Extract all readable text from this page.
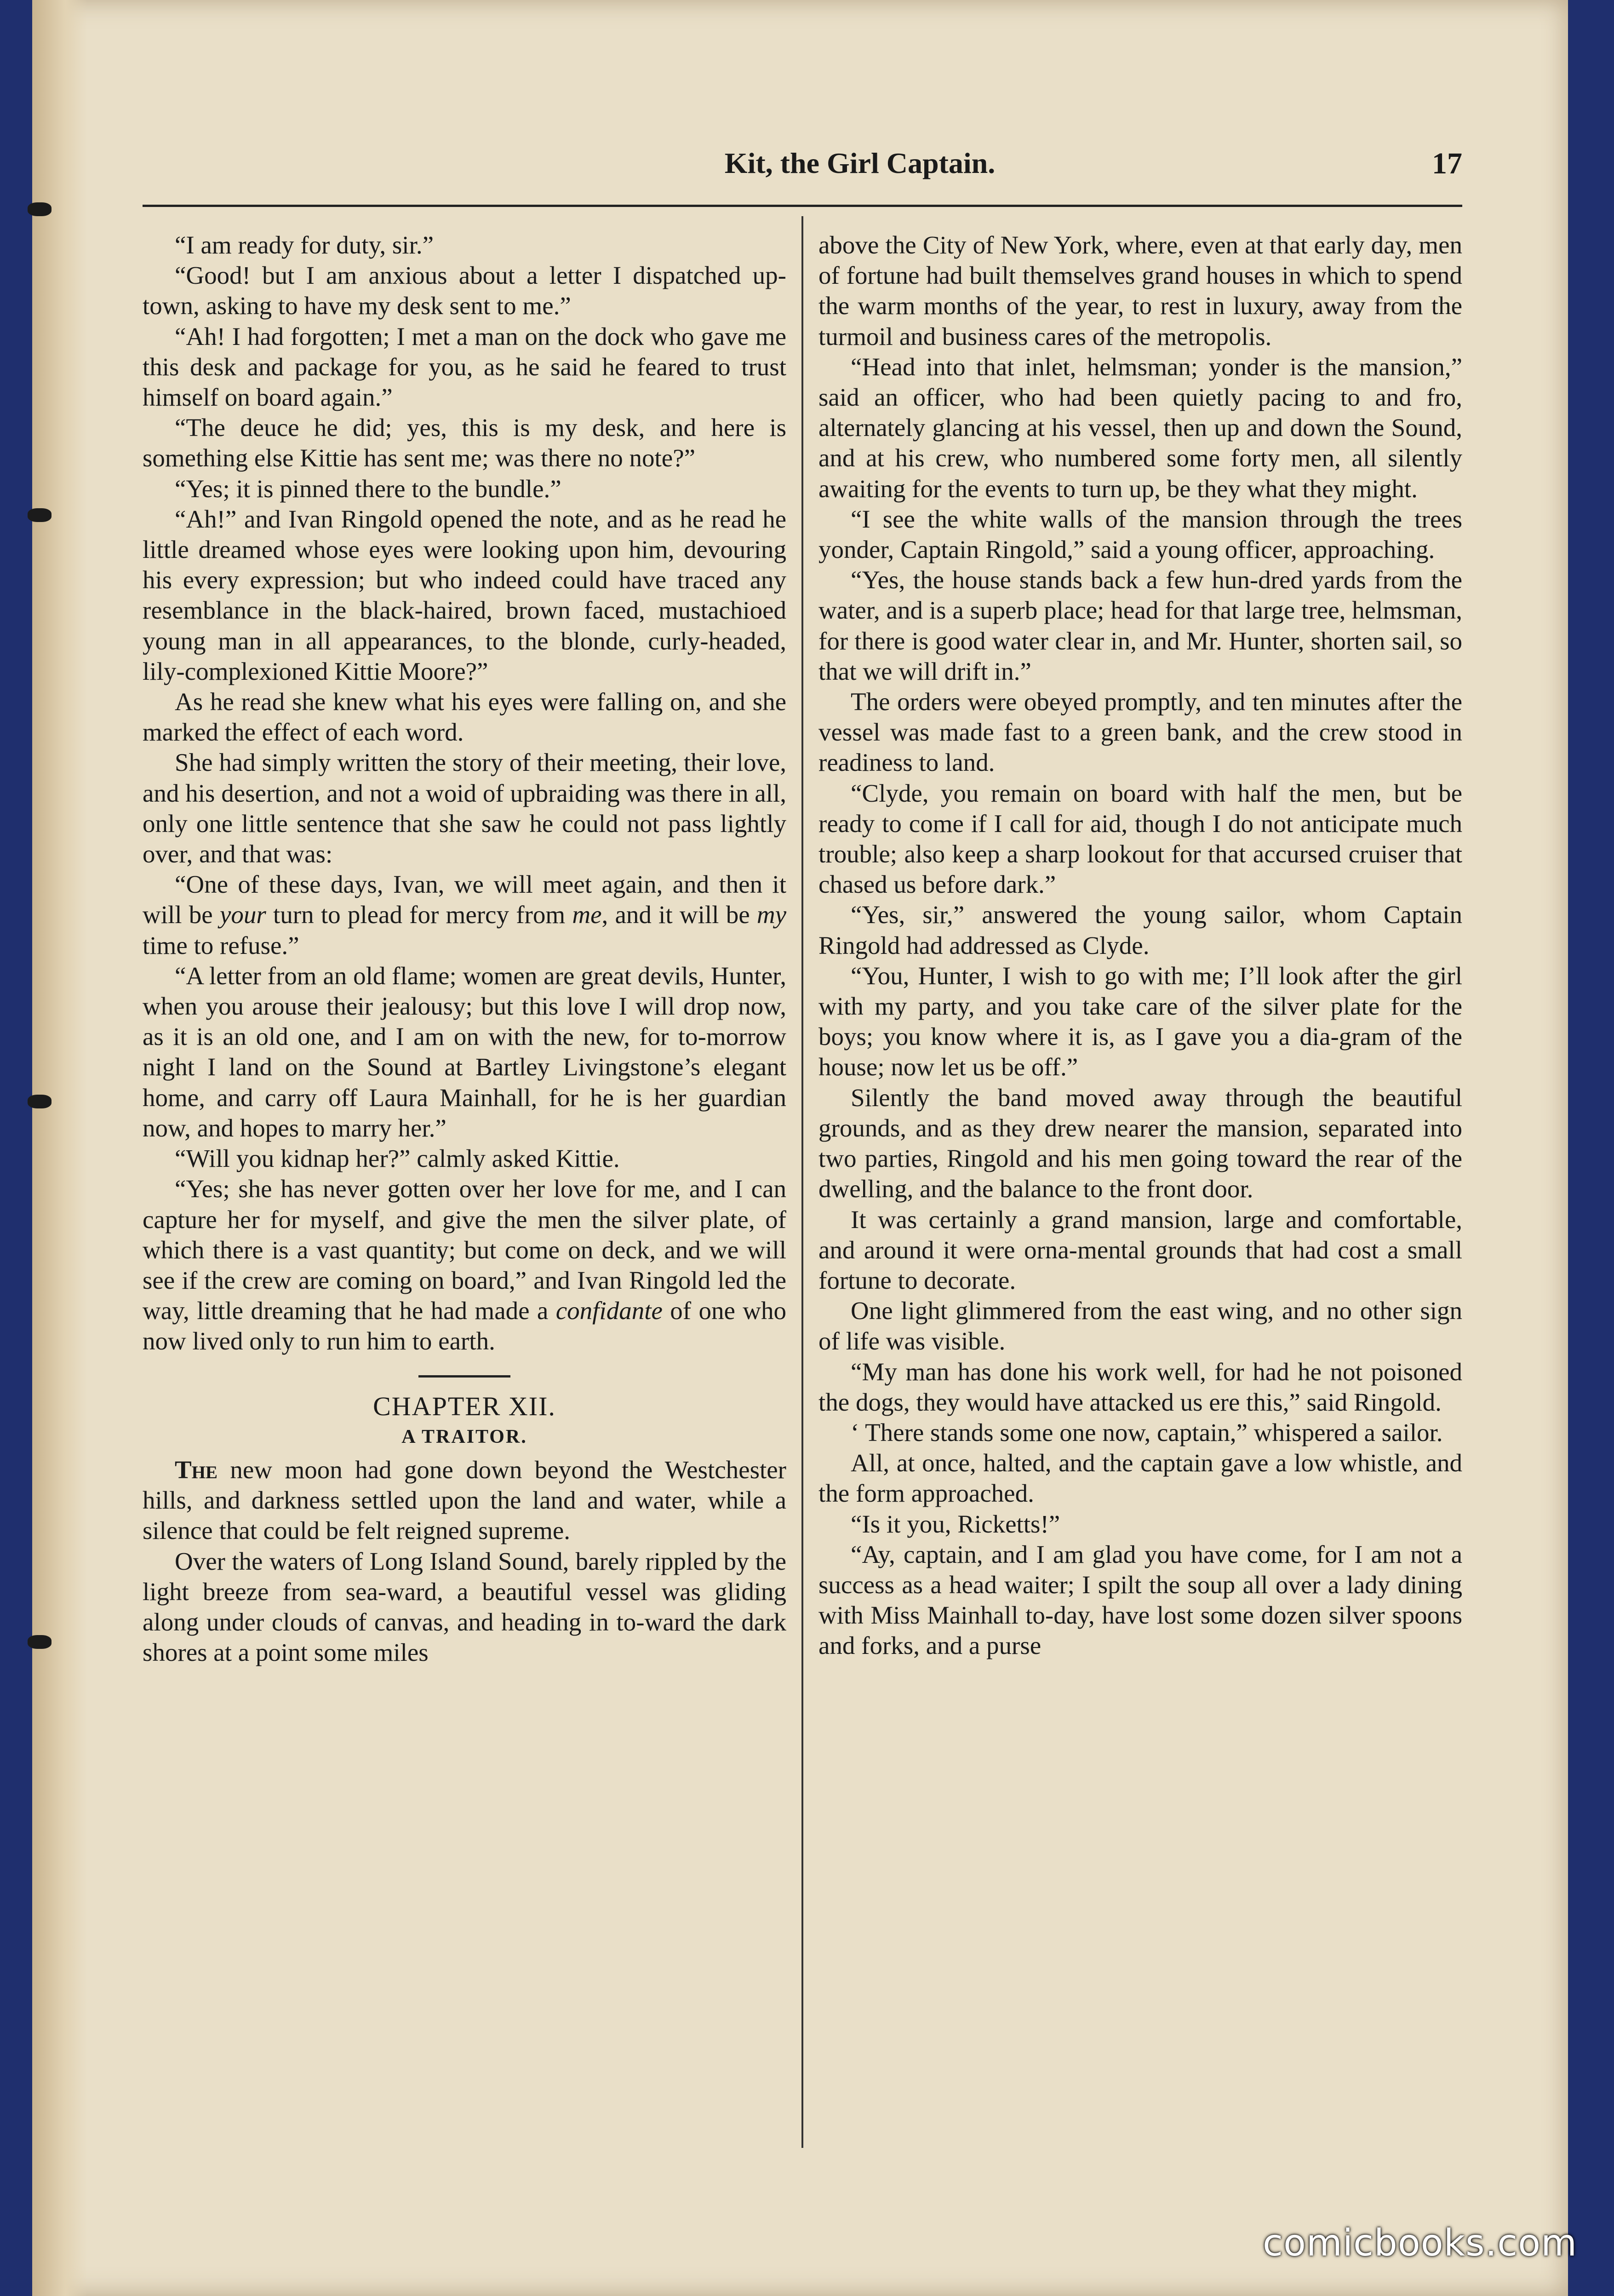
Kit, the Girl Captain.	17

“I am ready for duty, sir.”

“Good! but I am anxious about a letter I dispatched up-town, asking to have my desk sent to me.”

“Ah! I had forgotten; I met a man on the dock who gave me this desk and package for you, as he said he feared to trust himself on board again.”

“The deuce he did; yes, this is my desk, and here is something else Kittie has sent me; was there no note?”

“Yes; it is pinned there to the bundle.”

“Ah!” and Ivan Ringold opened the note, and as he read he little dreamed whose eyes were looking upon him, devouring his every expression; but who indeed could have traced any resemblance in the black-haired, brown faced, mustachioed young man in all appearances, to the blonde, curly-headed, lily-complexioned Kittie Moore?”

As he read she knew what his eyes were falling on, and she marked the effect of each word.

She had simply written the story of their meeting, their love, and his desertion, and not a woid of upbraiding was there in all, only one little sentence that she saw he could not pass lightly over, and that was:

“One of these days, Ivan, we will meet again, and then it will be your turn to plead for mercy from me, and it will be my time to refuse.”

“A letter from an old flame; women are great devils, Hunter, when you arouse their jealousy; but this love I will drop now, as it is an old one, and I am on with the new, for to-morrow night I land on the Sound at Bartley Livingstone’s elegant home, and carry off Laura Mainhall, for he is her guardian now, and hopes to marry her.”

“Will you kidnap her?” calmly asked Kittie.

“Yes; she has never gotten over her love for me, and I can capture her for myself, and give the men the silver plate, of which there is a vast quantity; but come on deck, and we will see if the crew are coming on board,” and Ivan Ringold led the way, little dreaming that he had made a confidante of one who now lived only to run him to earth.

CHAPTER XII.

A TRAITOR.

The new moon had gone down beyond the Westchester hills, and darkness settled upon the land and water, while a silence that could be felt reigned supreme.

Over the waters of Long Island Sound, barely rippled by the light breeze from sea-ward, a beautiful vessel was gliding along under clouds of canvas, and heading in to-ward the dark shores at a point some miles

above the City of New York, where, even at that early day, men of fortune had built themselves grand houses in which to spend the warm months of the year, to rest in luxury, away from the turmoil and business cares of the metropolis.

“Head into that inlet, helmsman; yonder is the mansion,” said an officer, who had been quietly pacing to and fro, alternately glancing at his vessel, then up and down the Sound, and at his crew, who numbered some forty men, all silently awaiting for the events to turn up, be they what they might.

“I see the white walls of the mansion through the trees yonder, Captain Ringold,” said a young officer, approaching.

“Yes, the house stands back a few hun-dred yards from the water, and is a superb place; head for that large tree, helmsman, for there is good water clear in, and Mr. Hunter, shorten sail, so that we will drift in.”

The orders were obeyed promptly, and ten minutes after the vessel was made fast to a green bank, and the crew stood in readiness to land.

“Clyde, you remain on board with half the men, but be ready to come if I call for aid, though I do not anticipate much trouble; also keep a sharp lookout for that accursed cruiser that chased us before dark.”

“Yes, sir,” answered the young sailor, whom Captain Ringold had addressed as Clyde.

“You, Hunter, I wish to go with me; I’ll look after the girl with my party, and you take care of the silver plate for the boys; you know where it is, as I gave you a dia-gram of the house; now let us be off.”

Silently the band moved away through the beautiful grounds, and as they drew nearer the mansion, separated into two parties, Ringold and his men going toward the rear of the dwelling, and the balance to the front door.

It was certainly a grand mansion, large and comfortable, and around it were orna-mental grounds that had cost a small fortune to decorate.

One light glimmered from the east wing, and no other sign of life was visible.

“My man has done his work well, for had he not poisoned the dogs, they would have attacked us ere this,” said Ringold.

‘ There stands some one now, captain,” whispered a sailor.

All, at once, halted, and the captain gave a low whistle, and the form approached.

“Is it you, Ricketts!”

“Ay, captain, and I am glad you have come, for I am not a success as a head waiter; I spilt the soup all over a lady dining with Miss Mainhall to-day, have lost some dozen silver spoons and forks, and a purse

comicbooks.com
